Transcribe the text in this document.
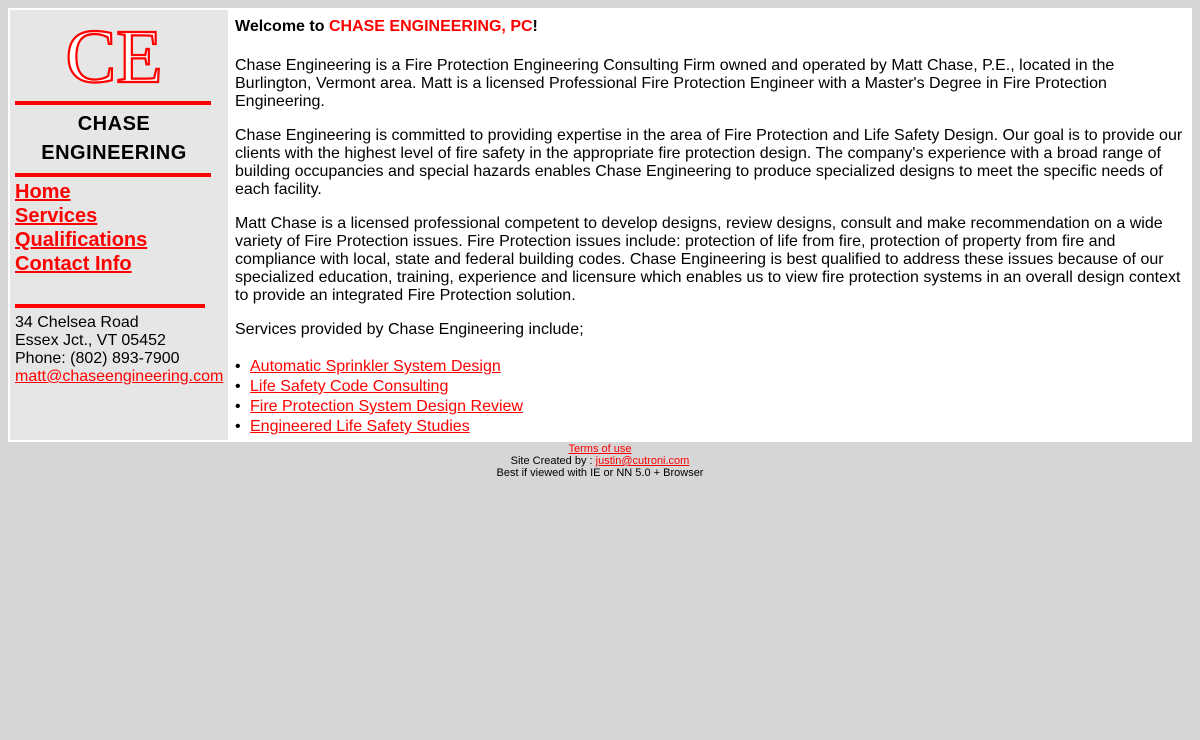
CE
CHASE
ENGINEERING
Home
Services
Qualifications
Contact Info
34 Chelsea Road
Essex Jct., VT 05452
Phone: (802) 893-7900
matt@chaseengineering.com
Welcome to CHASE ENGINEERING, PC!

Chase Engineering is a Fire Protection Engineering Consulting Firm owned and operated by Matt Chase, P.E., located in the Burlington, Vermont area. Matt is a licensed Professional Fire Protection Engineer with a Master's Degree in Fire Protection Engineering.

Chase Engineering is committed to providing expertise in the area of Fire Protection and Life Safety Design. Our goal is to provide our clients with the highest level of fire safety in the appropriate fire protection design. The company's experience with a broad range of building occupancies and special hazards enables Chase Engineering to produce specialized designs to meet the specific needs of each facility.

Matt Chase is a licensed professional competent to develop designs, review designs, consult and make recommendation on a wide variety of Fire Protection issues. Fire Protection issues include: protection of life from fire, protection of property from fire and compliance with local, state and federal building codes. Chase Engineering is best qualified to address these issues because of our specialized education, training, experience and licensure which enables us to view fire protection systems in an overall design context to provide an integrated Fire Protection solution.

Services provided by Chase Engineering include;

• Automatic Sprinkler System Design
• Life Safety Code Consulting
• Fire Protection System Design Review
• Engineered Life Safety Studies
Terms of use
Site Created by : justin@cutroni.com
Best if viewed with IE or NN 5.0 + Browser
